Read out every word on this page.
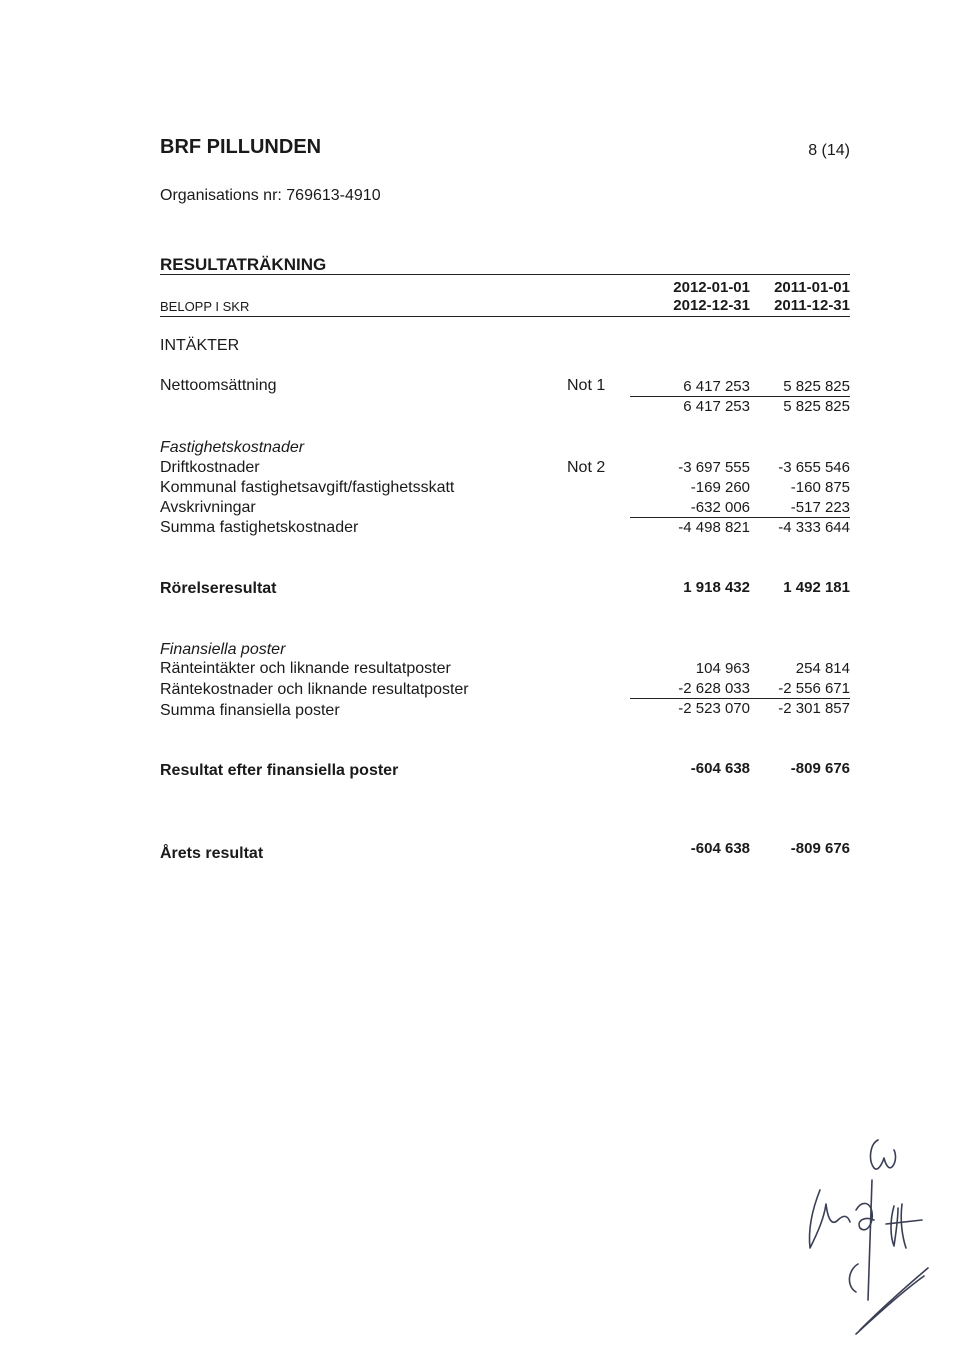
BRF PILLUNDEN	8 (14)
Organisations nr: 769613-4910
RESULTATRÄKNING
2012-01-01	2011-01-01
BELOPP I SKR	2012-12-31	2011-12-31
INTÄKTER
Nettoomsättning	Not 1	6 417 253	5 825 825
6 417 253	5 825 825
Fastighetskostnader
Driftkostnader	Not 2	-3 697 555	-3 655 546
Kommunal fastighetsavgift/fastighetsskatt	-169 260	-160 875
Avskrivningar	-632 006	-517 223
Summa fastighetskostnader	-4 498 821	-4 333 644
Rörelseresultat	1 918 432	1 492 181
Finansiella poster
Ränteintäkter och liknande resultatposter	104 963	254 814
Räntekostnader och liknande resultatposter	-2 628 033	-2 556 671
Summa finansiella poster	-2 523 070	-2 301 857
Resultat efter finansiella poster	-604 638	-809 676
Årets resultat	-604 638	-809 676
